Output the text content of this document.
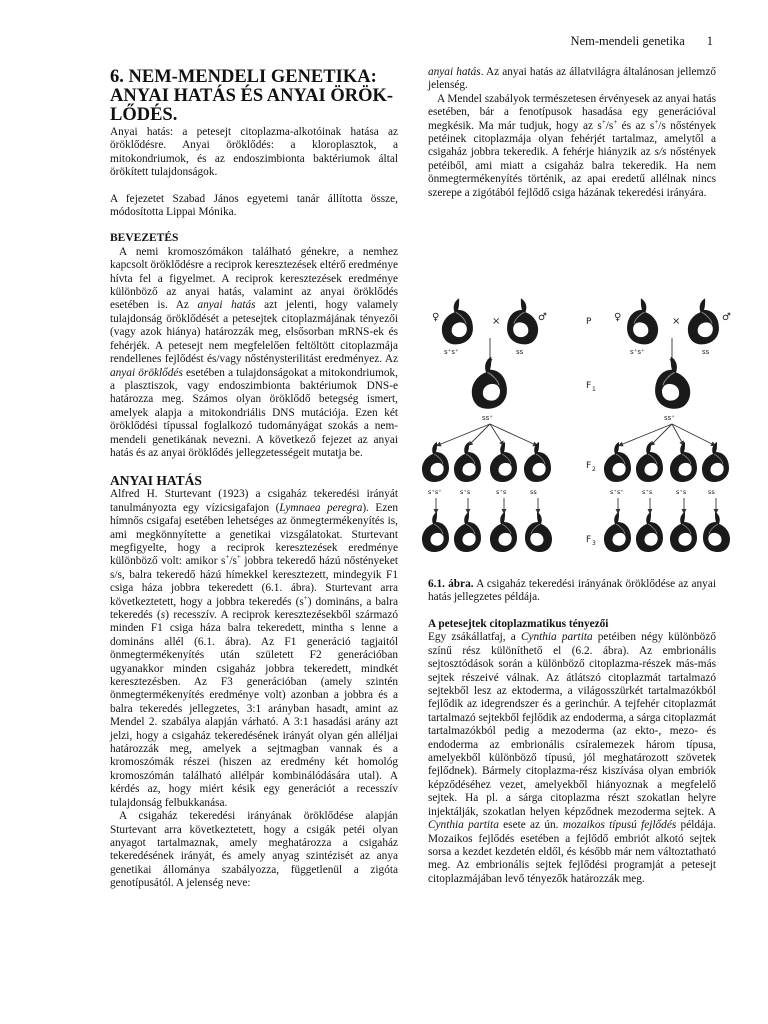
Nem-mendeli genetika 1
6. NEM-MENDELI GENETIKA: ANYAI HATÁS ÉS ANYAI ÖRÖK-LŐDÉS.

Anyai hatás: a petesejt citoplazma-alkotóinak hatása az öröklődésre. Anyai öröklődés: a kloroplasztok, a mitokondriumok, és az endoszimbionta baktériumok által örökített tulajdonságok.

A fejezetet Szabad János egyetemi tanár állította össze, módosította Lippai Mónika.

BEVEZETÉS

A nemi kromoszómákon található génekre, a nemhez kapcsolt öröklődésre a reciprok keresztezések eltérő eredménye hívta fel a figyelmet. A reciprok keresztezések eredménye különböző az anyai hatás, valamint az anyai öröklődés esetében is. Az anyai hatás azt jelenti, hogy valamely tulajdonság öröklődését a petesejtek citoplazmájának tényezői (vagy azok hiánya) határozzák meg, elsősorban mRNS-ek és fehérjék. A petesejt nem megfelelően feltöltött citoplazmája rendellenes fejlődést és/vagy nősténysterilitást eredményez. Az anyai öröklődés esetében a tulajdonságokat a mitokondriumok, a plasztiszok, vagy endoszimbionta baktériumok DNS-e határozza meg. Számos olyan öröklődő betegség ismert, amelyek alapja a mitokondriális DNS mutációja. Ezen két öröklődési típussal foglalkozó tudományágat szokás a nem-mendeli genetikának nevezni. A következő fejezet az anyai hatás és az anyai öröklődés jellegzetességeit mutatja be.

ANYAI HATÁS

Alfred H. Sturtevant (1923) a csigaház tekeredési irányát tanulmányozta egy vízicsigafajon (Lymnaea peregra). Ezen hímnős csigafaj esetében lehetséges az önmegtermékenyítés is, ami megkönnyítette a genetikai vizsgálatokat. Sturtevant megfigyelte, hogy a reciprok keresztezések eredménye különböző volt: amikor s+/s+ jobbra tekeredő házú nőstényeket s/s, balra tekeredő házú hímekkel keresztezett, mindegyik F1 csiga háza jobbra tekeredett (6.1. ábra). Sturtevant arra következtetett, hogy a jobbra tekeredés (s+) domináns, a balra tekeredés (s) recesszív. A reciprok keresztezésekből származó minden F1 csiga háza balra tekeredett, mintha s lenne a domináns allél (6.1. ábra). Az F1 generáció tagjaitól önmegtermékenyítés után született F2 generációban ugyanakkor minden csigaház jobbra tekeredett, mindkét keresztezésben. Az F3 generációban (amely szintén önmegtermékenyítés eredménye volt) azonban a jobbra és a balra tekeredés jellegzetes, 3:1 arányban hasadt, amint az Mendel 2. szabálya alapján várható. A 3:1 hasadási arány azt jelzi, hogy a csigaház tekeredésének irányát olyan gén alléljai határozzák meg, amelyek a sejtmagban vannak és a kromoszómák részei (hiszen az eredmény két homológ kromoszómán található allélpár kombinálódására utal). A kérdés az, hogy miért késik egy generációt a recesszív tulajdonság felbukkanása.

A csigaház tekeredési irányának öröklődése alapján Sturtevant arra következtetett, hogy a csigák petéi olyan anyagot tartalmaznak, amely meghatározza a csigaház tekeredésének irányát, és amely anyag szintézisét az anya genetikai állománya szabályozza, függetlenül a zigóta genotípusától. A jelenség neve:

anyai hatás. Az anyai hatás az állatvilágra általánosan jellemző jelenség.

A Mendel szabályok természetesen érvényesek az anyai hatás esetében, bár a fenotípusok hasadása egy generációval megkésik. Ma már tudjuk, hogy az s+/s+ és az s+/s nőstények petéinek citoplazmája olyan fehérjét tartalmaz, amelytől a csigaház jobbra tekeredik. A fehérje hiányzik az s/s nőstények petéiből, ami miatt a csigaház balra tekeredik. Ha nem önmegtermékenyítés történik, az apai eredetű allélnak nincs szerepe a zigótából fejlődő csiga házának tekeredési irányára.

♀	×	♂
s⁺s⁺	ss
P ♀	×	♂
s⁺s⁺	ss
F 1
ss⁺	ss⁺
F 2
s⁺s⁺	s⁺s	s⁺s	ss	s⁺s⁺	s⁺s	s⁺s	ss
F 3
6.1. ábra. A csigaház tekeredési irányának öröklődése az anyai hatás jellegzetes példája.
A petesejtek citoplazmatikus tényezői

Egy zsákállatfaj, a Cynthia partita petéiben négy különböző színű rész különíthető el (6.2. ábra). Az embrionális sejtosztódások során a különböző citoplazma-részek más-más sejtek részeivé válnak. Az átlátszó citoplazmát tartalmazó sejtekből lesz az ektoderma, a világosszürkét tartalmazókból fejlődik az idegrendszer és a gerinchúr. A tejfehér citoplazmát tartalmazó sejtekből fejlődik az endoderma, a sárga citoplazmát tartalmazókból pedig a mezoderma (az ekto-, mezo- és endoderma az embrionális csíralemezek három típusa, amelyekből különböző típusú, jól meghatározott szövetek fejlődnek). Bármely citoplazma-rész kiszívása olyan embriók képződéséhez vezet, amelyekből hiányoznak a megfelelő sejtek. Ha pl. a sárga citoplazma részt szokatlan helyre injektálják, szokatlan helyen képződnek mezoderma sejtek. A Cynthia partita esete az ún. mozaikos típusú fejlődés példája. Mozaikos fejlődés esetében a fejlődő embriót alkotó sejtek sorsa a kezdet kezdetén eldől, és később már nem változtatható meg. Az embrionális sejtek fejlődési programját a petesejt citoplazmájában levő tényezők határozzák meg.
